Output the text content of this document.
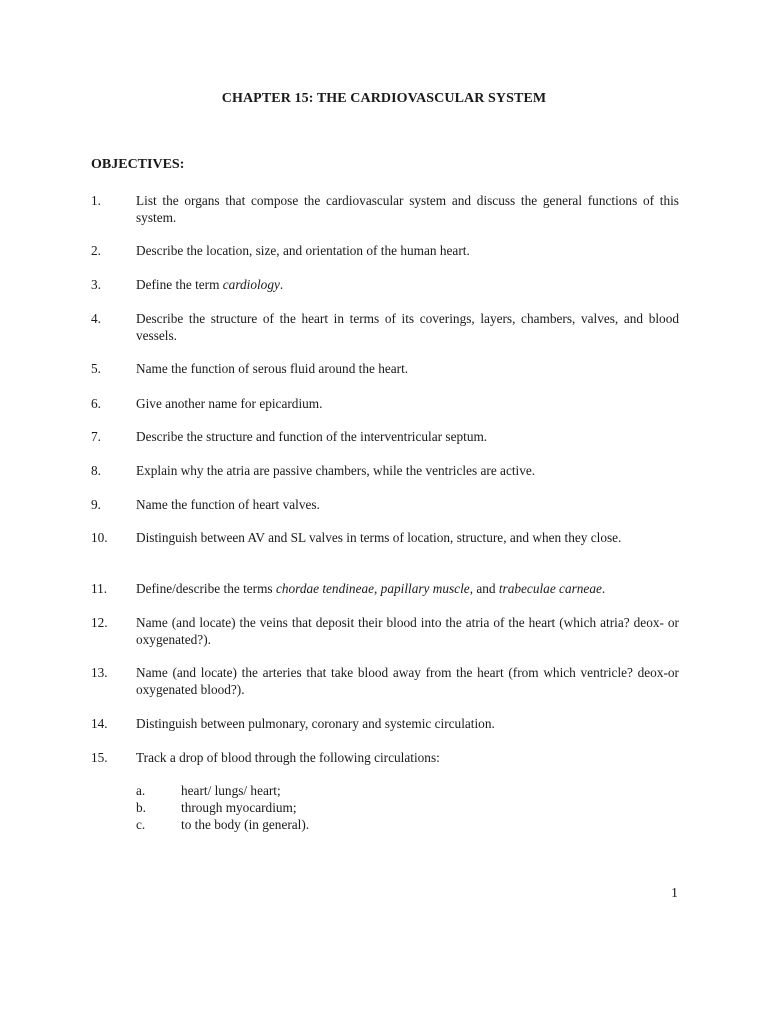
CHAPTER 15: THE CARDIOVASCULAR SYSTEM
OBJECTIVES:
1.	List the organs that compose the cardiovascular system and discuss the general functions of this system.
2.	Describe the location, size, and orientation of the human heart.
3.	Define the term cardiology.
4.	Describe the structure of the heart in terms of its coverings, layers, chambers, valves, and blood vessels.
5.	Name the function of serous fluid around the heart.
6.	Give another name for epicardium.
7.	Describe the structure and function of the interventricular septum.
8.	Explain why the atria are passive chambers, while the ventricles are active.
9.	Name the function of heart valves.
10. Distinguish between AV and SL valves in terms of location, structure, and when they close.
11. Define/describe the terms chordae tendineae, papillary muscle, and trabeculae carneae.
12. Name (and locate) the veins that deposit their blood into the atria of the heart (which atria? deox- or oxygenated?).
13. Name (and locate) the arteries that take blood away from the heart (from which ventricle? deox-or oxygenated blood?).
14. Distinguish between pulmonary, coronary and systemic circulation.
15. Track a drop of blood through the following circulations:
a.	heart/ lungs/ heart;
b.	through myocardium;
c.	to the body (in general).
1
